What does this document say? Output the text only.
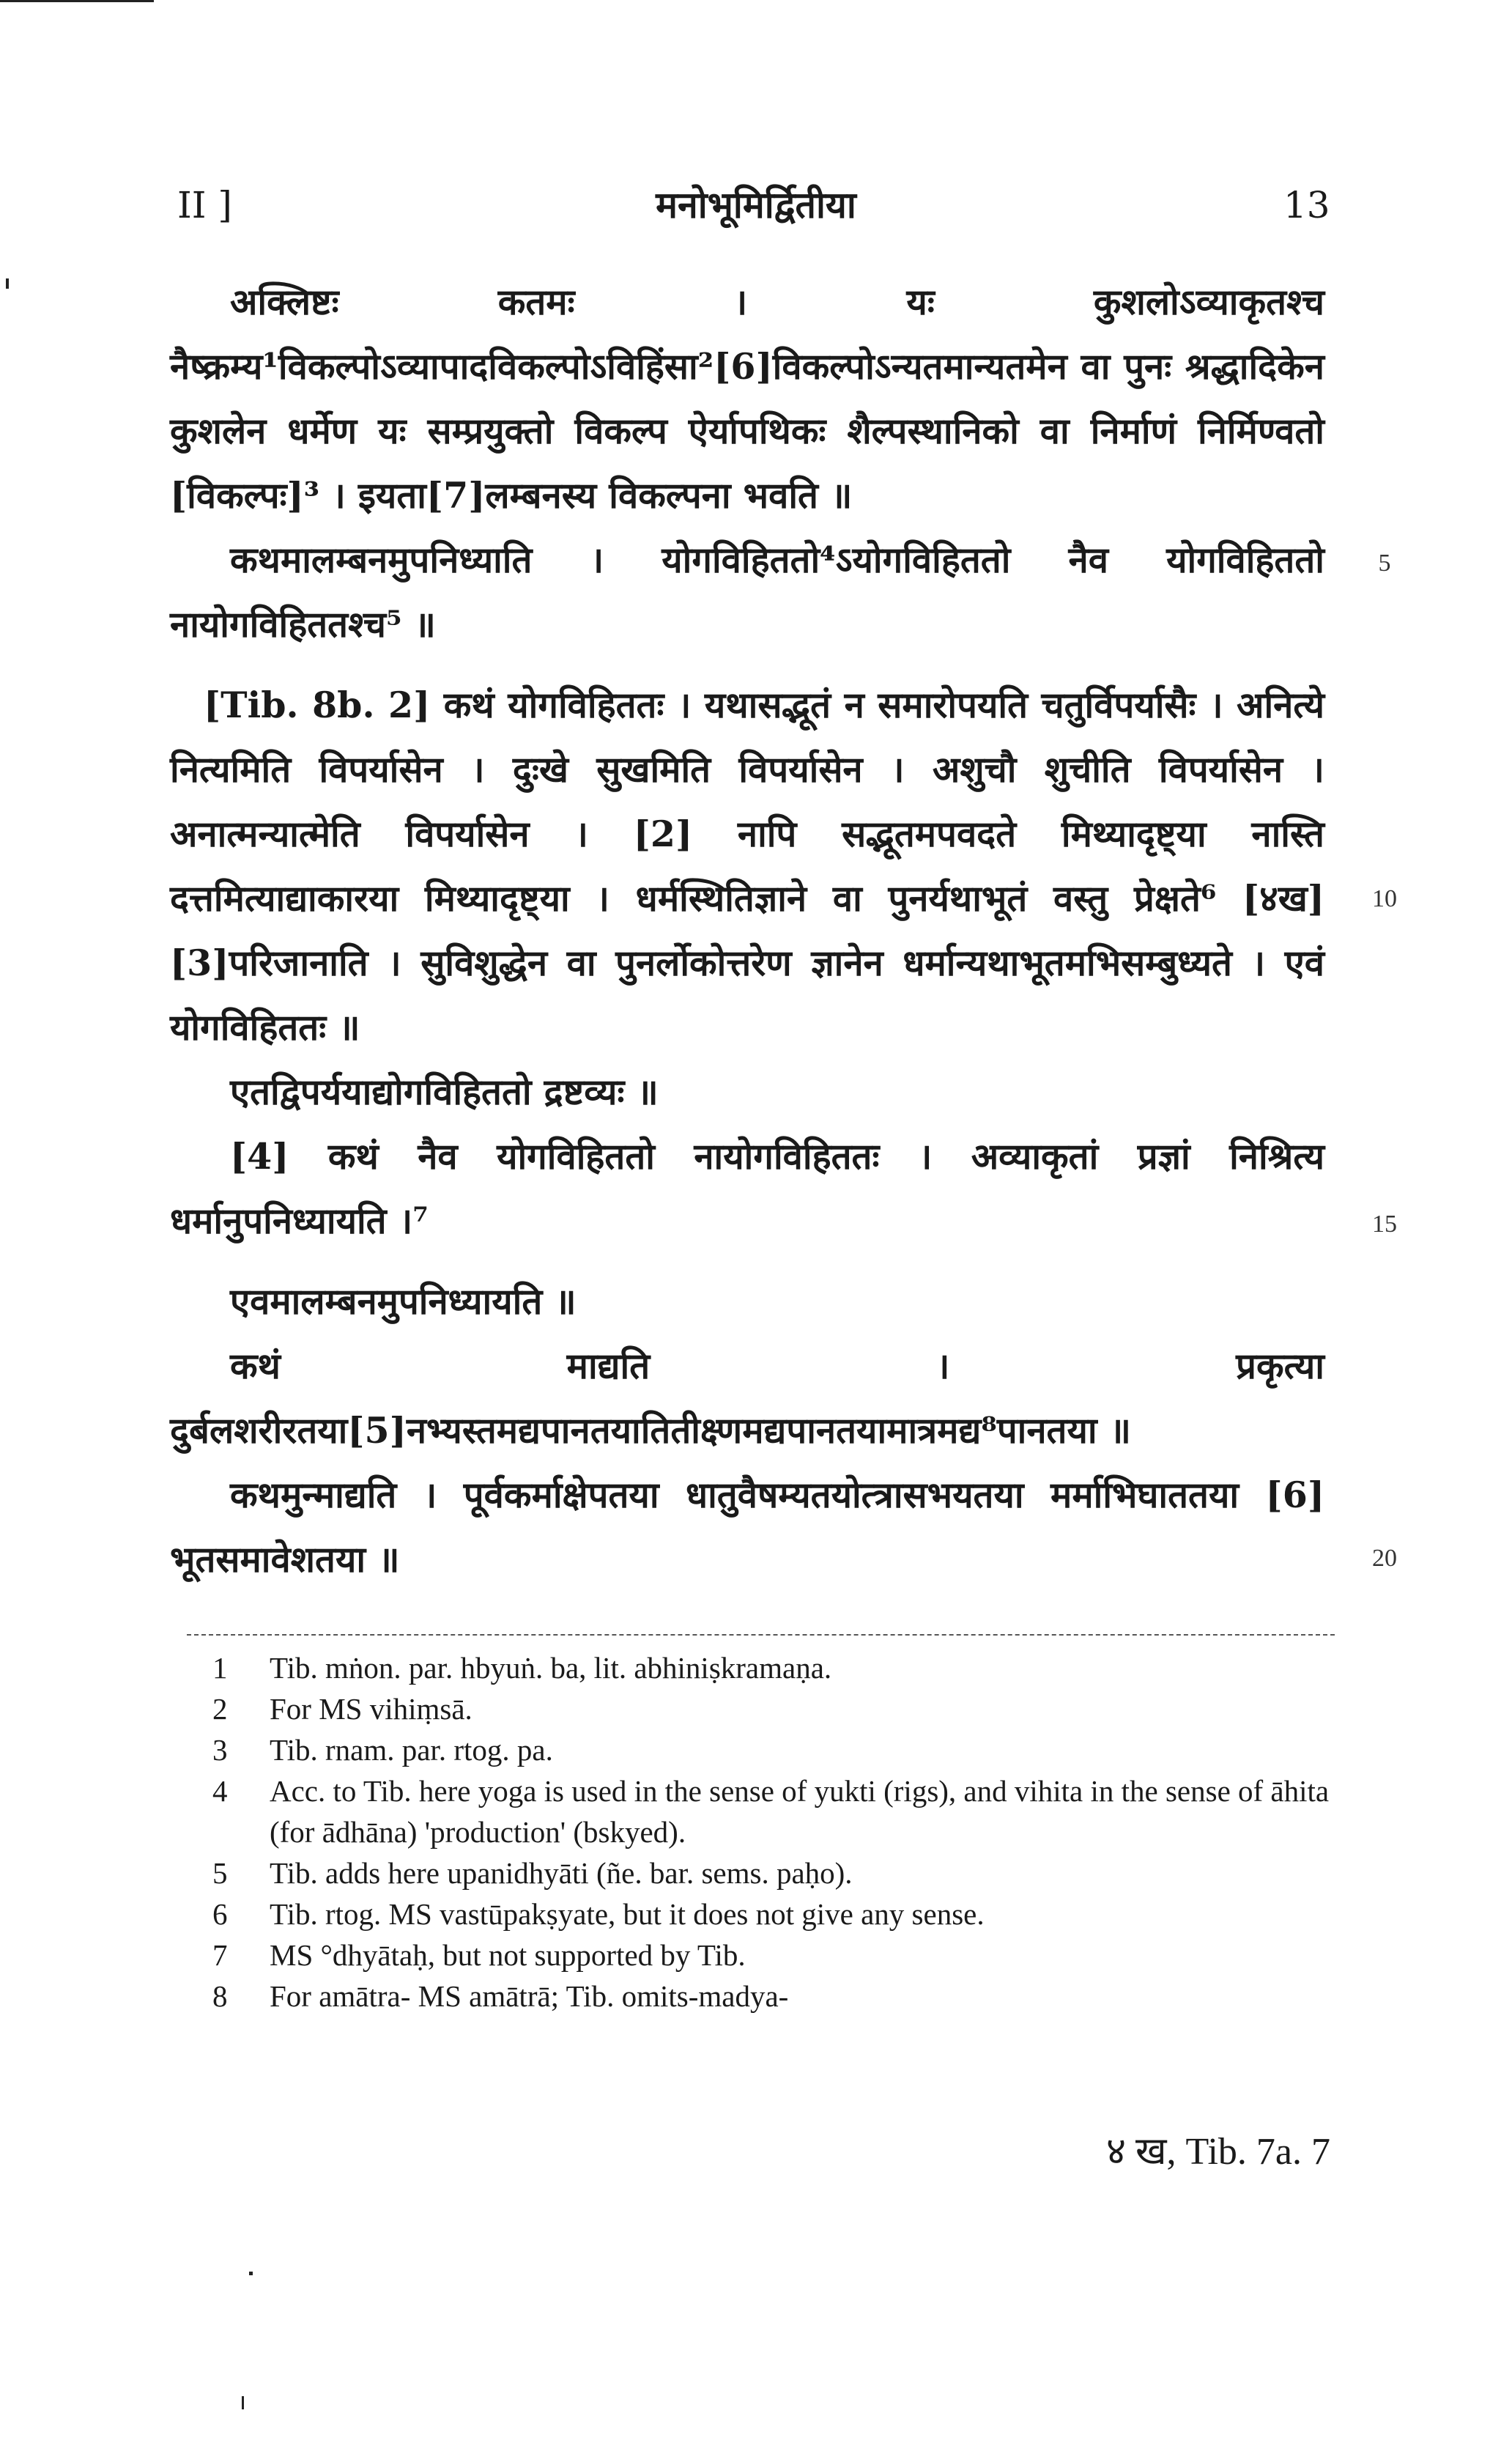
II ]	मनोभूमिर्द्वितीया	13

अक्लिष्टः कतमः । यः कुशलोऽव्याकृतश्च नैष्क्रम्य¹विकल्पोऽव्यापादविकल्पोऽविहिंसा²[6]विकल्पोऽन्यतमान्यतमेन वा पुनः श्रद्धादिकेन कुशलेन धर्मेण यः सम्प्रयुक्तो विकल्प ऐर्यापथिकः शैल्पस्थानिको वा निर्माणं निर्मिण्वतो [विकल्पः]³ । इयता[7]लम्बनस्य विकल्पना भवति ॥

कथमालम्बनमुपनिध्याति । योगविहिततो⁴ऽयोगविहिततो नैव योगविहिततो नायोगविहिततश्च⁵ ॥

[Tib. 8b. 2] कथं योगविहिततः । यथासद्भूतं न समारोपयति चतुर्विपर्यासैः । अनित्ये नित्यमिति विपर्यासेन । दुःखे सुखमिति विपर्यासेन । अशुचौ शुचीति विपर्यासेन । अनात्मन्यात्मेति विपर्यासेन । [2] नापि सद्भूतमपवदते मिथ्यादृष्ट्या नास्ति दत्तमित्याद्याकारया मिथ्यादृष्ट्या । धर्मस्थितिज्ञाने वा पुनर्यथाभूतं वस्तु प्रेक्षते⁶ [४ख] [3]परिजानाति । सुविशुद्धेन वा पुनर्लोकोत्तरेण ज्ञानेन धर्मान्यथाभूतमभिसम्बुध्यते । एवं योगविहिततः ॥

एतद्विपर्ययाद्योगविहिततो द्रष्टव्यः ॥

[4] कथं नैव योगविहिततो नायोगविहिततः । अव्याकृतां प्रज्ञां निश्रित्य धर्मानुपनिध्यायति ।⁷

एवमालम्बनमुपनिध्यायति ॥

कथं माद्यति । प्रकृत्या दुर्बलशरीरतया[5]नभ्यस्तमद्यपानतयातितीक्ष्णमद्यपानतयामात्रमद्य⁸पानतया ॥

कथमुन्माद्यति । पूर्वकर्माक्षेपतया धातुवैषम्यतयोत्त्रासभयतया मर्माभिघाततया [6] भूतसमावेशतया ॥

5
10
15
20
1	Tib. mṅon. par. hbyuṅ. ba, lit. abhiniṣkramaṇa.
2	For MS vihiṃsā.
3	Tib. rnam. par. rtog. pa.
4	Acc. to Tib. here yoga is used in the sense of yukti (rigs), and vihita in the sense of āhita (for ādhāna) 'production' (bskyed).
5	Tib. adds here upanidhyāti (ñe. bar. sems. paḥo).
6	Tib. rtog. MS vastūpakṣyate, but it does not give any sense.
7	MS °dhyātaḥ, but not supported by Tib.
8	For amātra- MS amātrā; Tib. omits-madya-
४ ख, Tib. 7a. 7
